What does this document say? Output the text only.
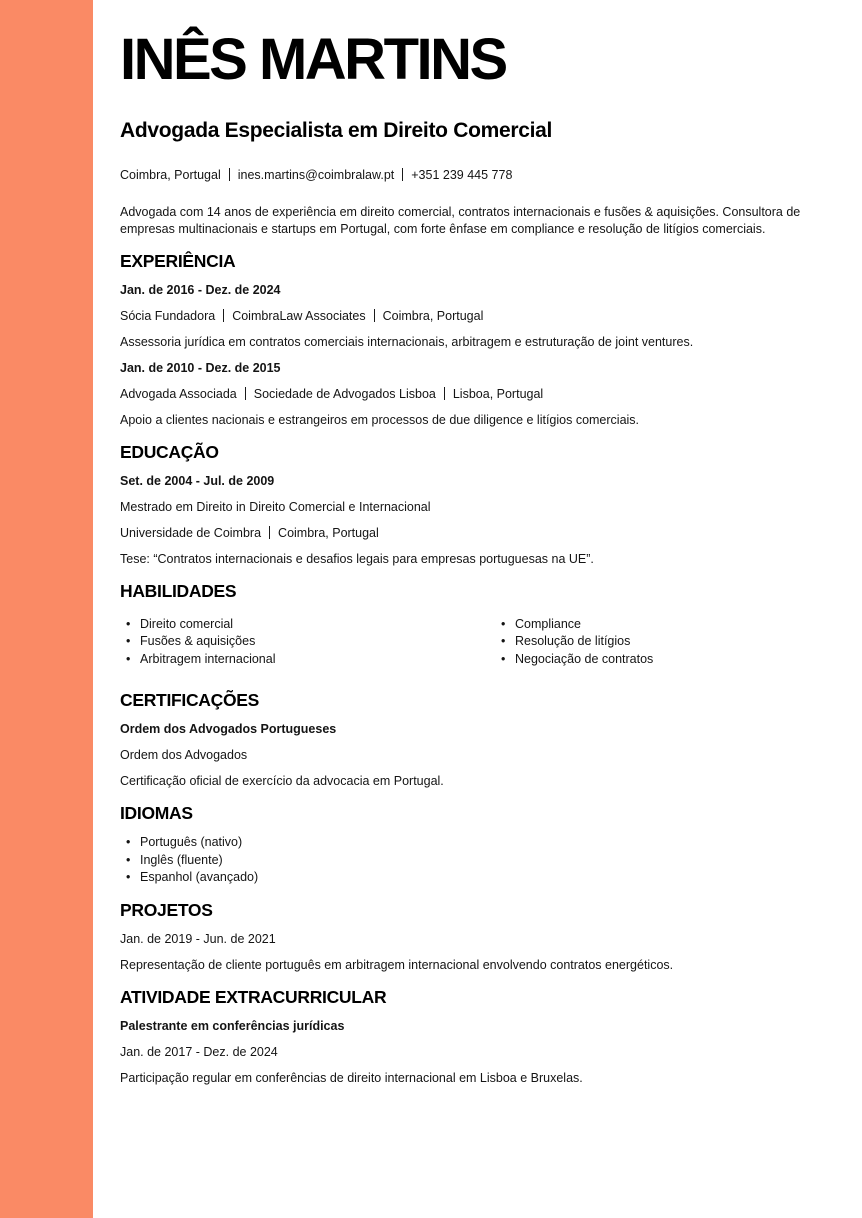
INÊS MARTINS
Advogada Especialista em Direito Comercial

Coimbra, Portugal ines.martins@coimbralaw.pt +351 239 445 778

Advogada com 14 anos de experiência em direito comercial, contratos internacionais e fusões & aquisições. Consultora de empresas multinacionais e startups em Portugal, com forte ênfase em compliance e resolução de litígios comerciais.

EXPERIÊNCIA

Jan. de 2016 - Dez. de 2024

Sócia Fundadora CoimbraLaw Associates Coimbra, Portugal

Assessoria jurídica em contratos comerciais internacionais, arbitragem e estruturação de joint ventures.

Jan. de 2010 - Dez. de 2015

Advogada Associada Sociedade de Advogados Lisboa Lisboa, Portugal

Apoio a clientes nacionais e estrangeiros em processos de due diligence e litígios comerciais.

EDUCAÇÃO

Set. de 2004 - Jul. de 2009

Mestrado em Direito in Direito Comercial e Internacional

Universidade de Coimbra Coimbra, Portugal

Tese: “Contratos internacionais e desafios legais para empresas portuguesas na UE”.

HABILIDADES
• Direito comercial
• Fusões & aquisições
• Arbitragem internacional
• Compliance
• Resolução de litígios
• Negociação de contratos
CERTIFICAÇÕES

Ordem dos Advogados Portugueses

Ordem dos Advogados

Certificação oficial de exercício da advocacia em Portugal.

IDIOMAS
• Português (nativo)
• Inglês (fluente)
• Espanhol (avançado)
PROJETOS

Jan. de 2019 - Jun. de 2021

Representação de cliente português em arbitragem internacional envolvendo contratos energéticos.

ATIVIDADE EXTRACURRICULAR

Palestrante em conferências jurídicas

Jan. de 2017 - Dez. de 2024

Participação regular em conferências de direito internacional em Lisboa e Bruxelas.
